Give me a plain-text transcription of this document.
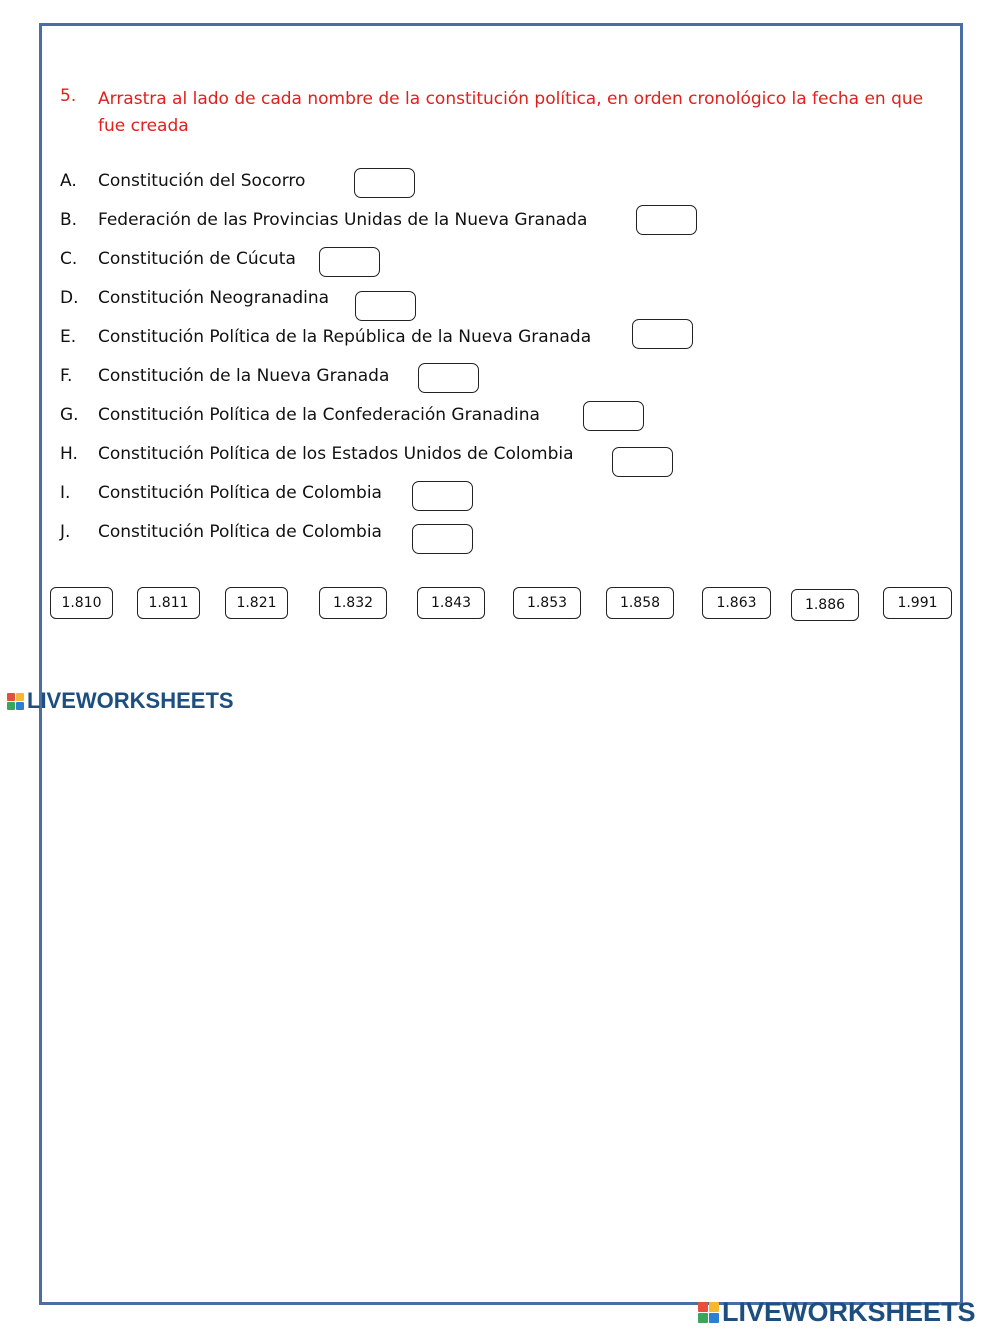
5. Arrastra al lado de cada nombre de la constitución política, en orden cronológico la fecha en que fue creada
A. Constitución del Socorro
B. Federación de las Provincias Unidas de la Nueva Granada
C. Constitución de Cúcuta
D. Constitución Neogranadina
E. Constitución Política de la República de la Nueva Granada
F. Constitución de la Nueva Granada
G. Constitución Política de la Confederación Granadina
H. Constitución Política de los Estados Unidos de Colombia
I. Constitución Política de Colombia
J. Constitución Política de Colombia
1.810	1.811	1.821	1.832	1.843	1.853	1.858	1.863	1.886	1.991
LIVEWORKSHEETS
LIVEWORKSHEETS
